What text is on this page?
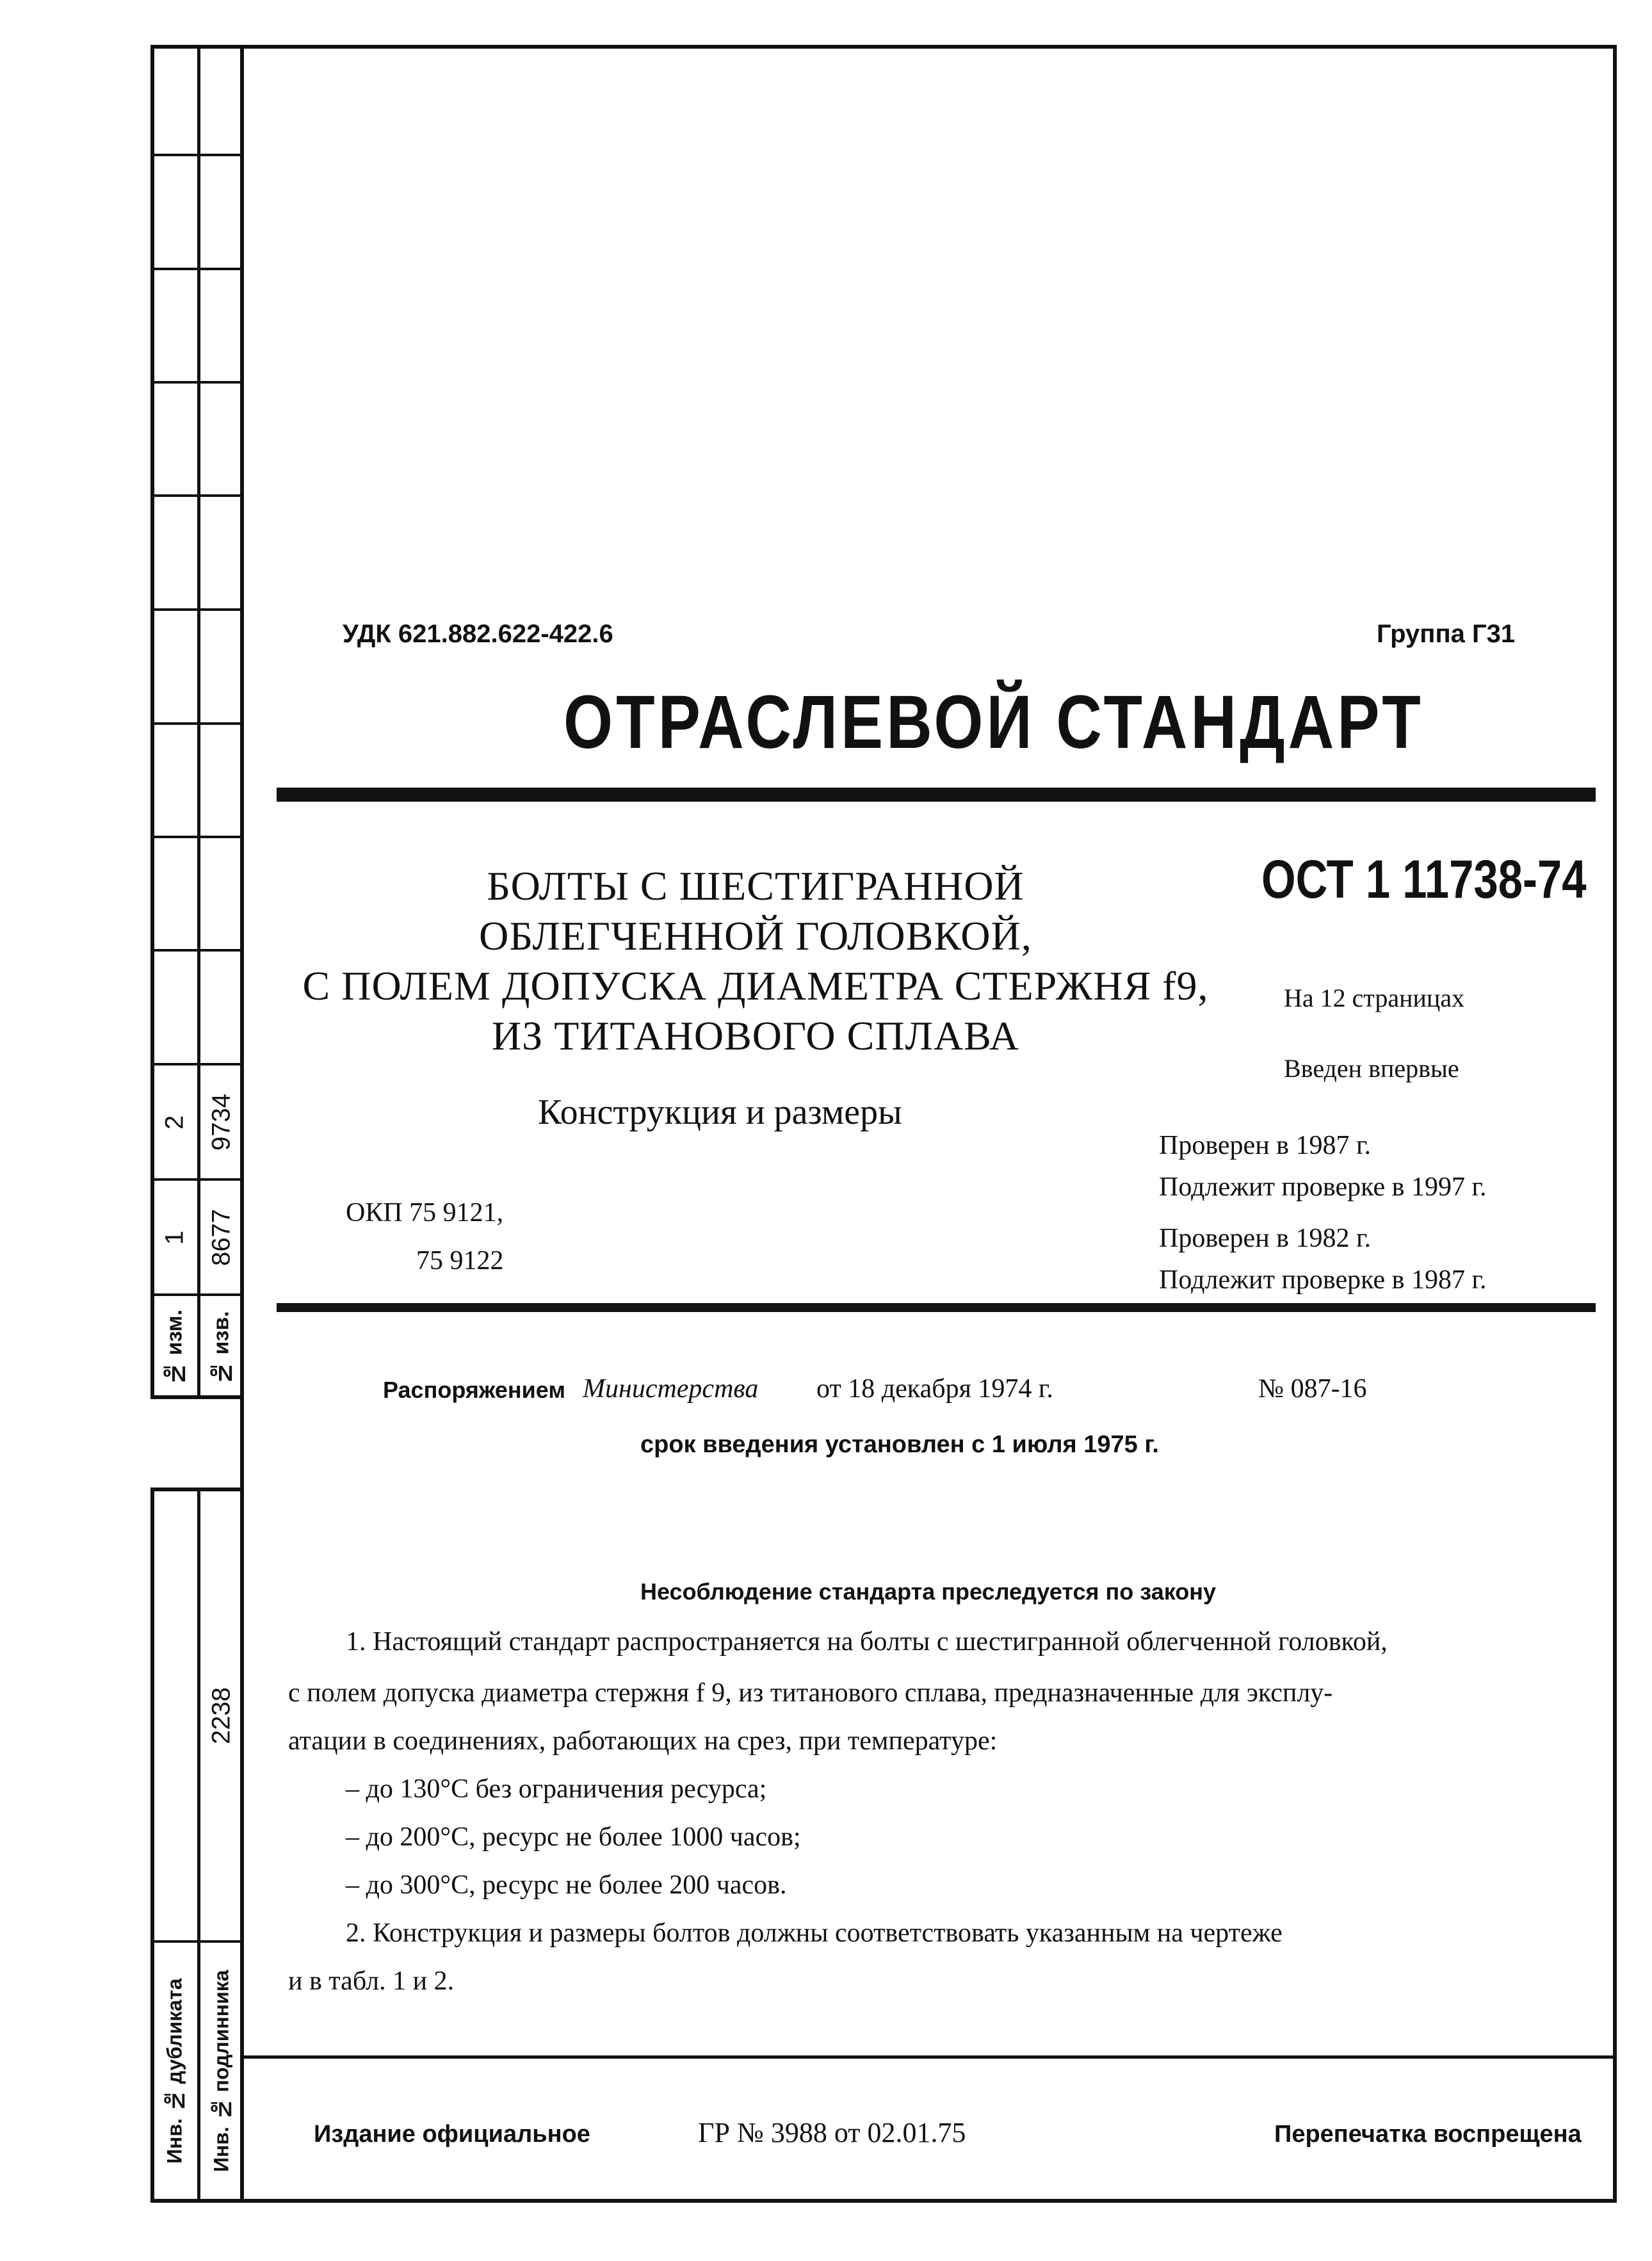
2 9734
1 8677
№ изм.	№ изв.
2238
Инв. № дубликата	Инв. № подлинника
УДК 621.882.622-422.6	Группа Г31
ОТРАСЛЕВОЙ СТАНДАРТ
БОЛТЫ С ШЕСТИГРАННОЙ
ОБЛЕГЧЕННОЙ ГОЛОВКОЙ,
С ПОЛЕМ ДОПУСКА ДИАМЕТРА СТЕРЖНЯ f9,
ИЗ ТИТАНОВОГО СПЛАВА
Конструкция и размеры
ОКП 75 9121,
75 9122
ОСТ 1 11738-74
На 12 страницах
Введен впервые
Проверен в 1987 г.
Подлежит проверке в 1997 г.
Проверен в 1982 г.
Подлежит проверке в 1987 г.
Распоряжением Министерства от 18 декабря 1974 г.	№ 087-16
срок введения установлен с 1 июля 1975 г.
Несоблюдение стандарта преследуется по закону
1. Настоящий стандарт распространяется на болты с шестигранной облегченной головкой,
с полем допуска диаметра стержня f 9, из титанового сплава, предназначенные для эксплу-
атации в соединениях, работающих на срез, при температуре:
– до 130°С без ограничения ресурса;
– до 200°С, ресурс не более 1000 часов;
– до 300°С, ресурс не более 200 часов.
2. Конструкция и размеры болтов должны соответствовать указанным на чертеже
и в табл. 1 и 2.
Издание официальное	ГР № 3988 от 02.01.75	Перепечатка воспрещена
